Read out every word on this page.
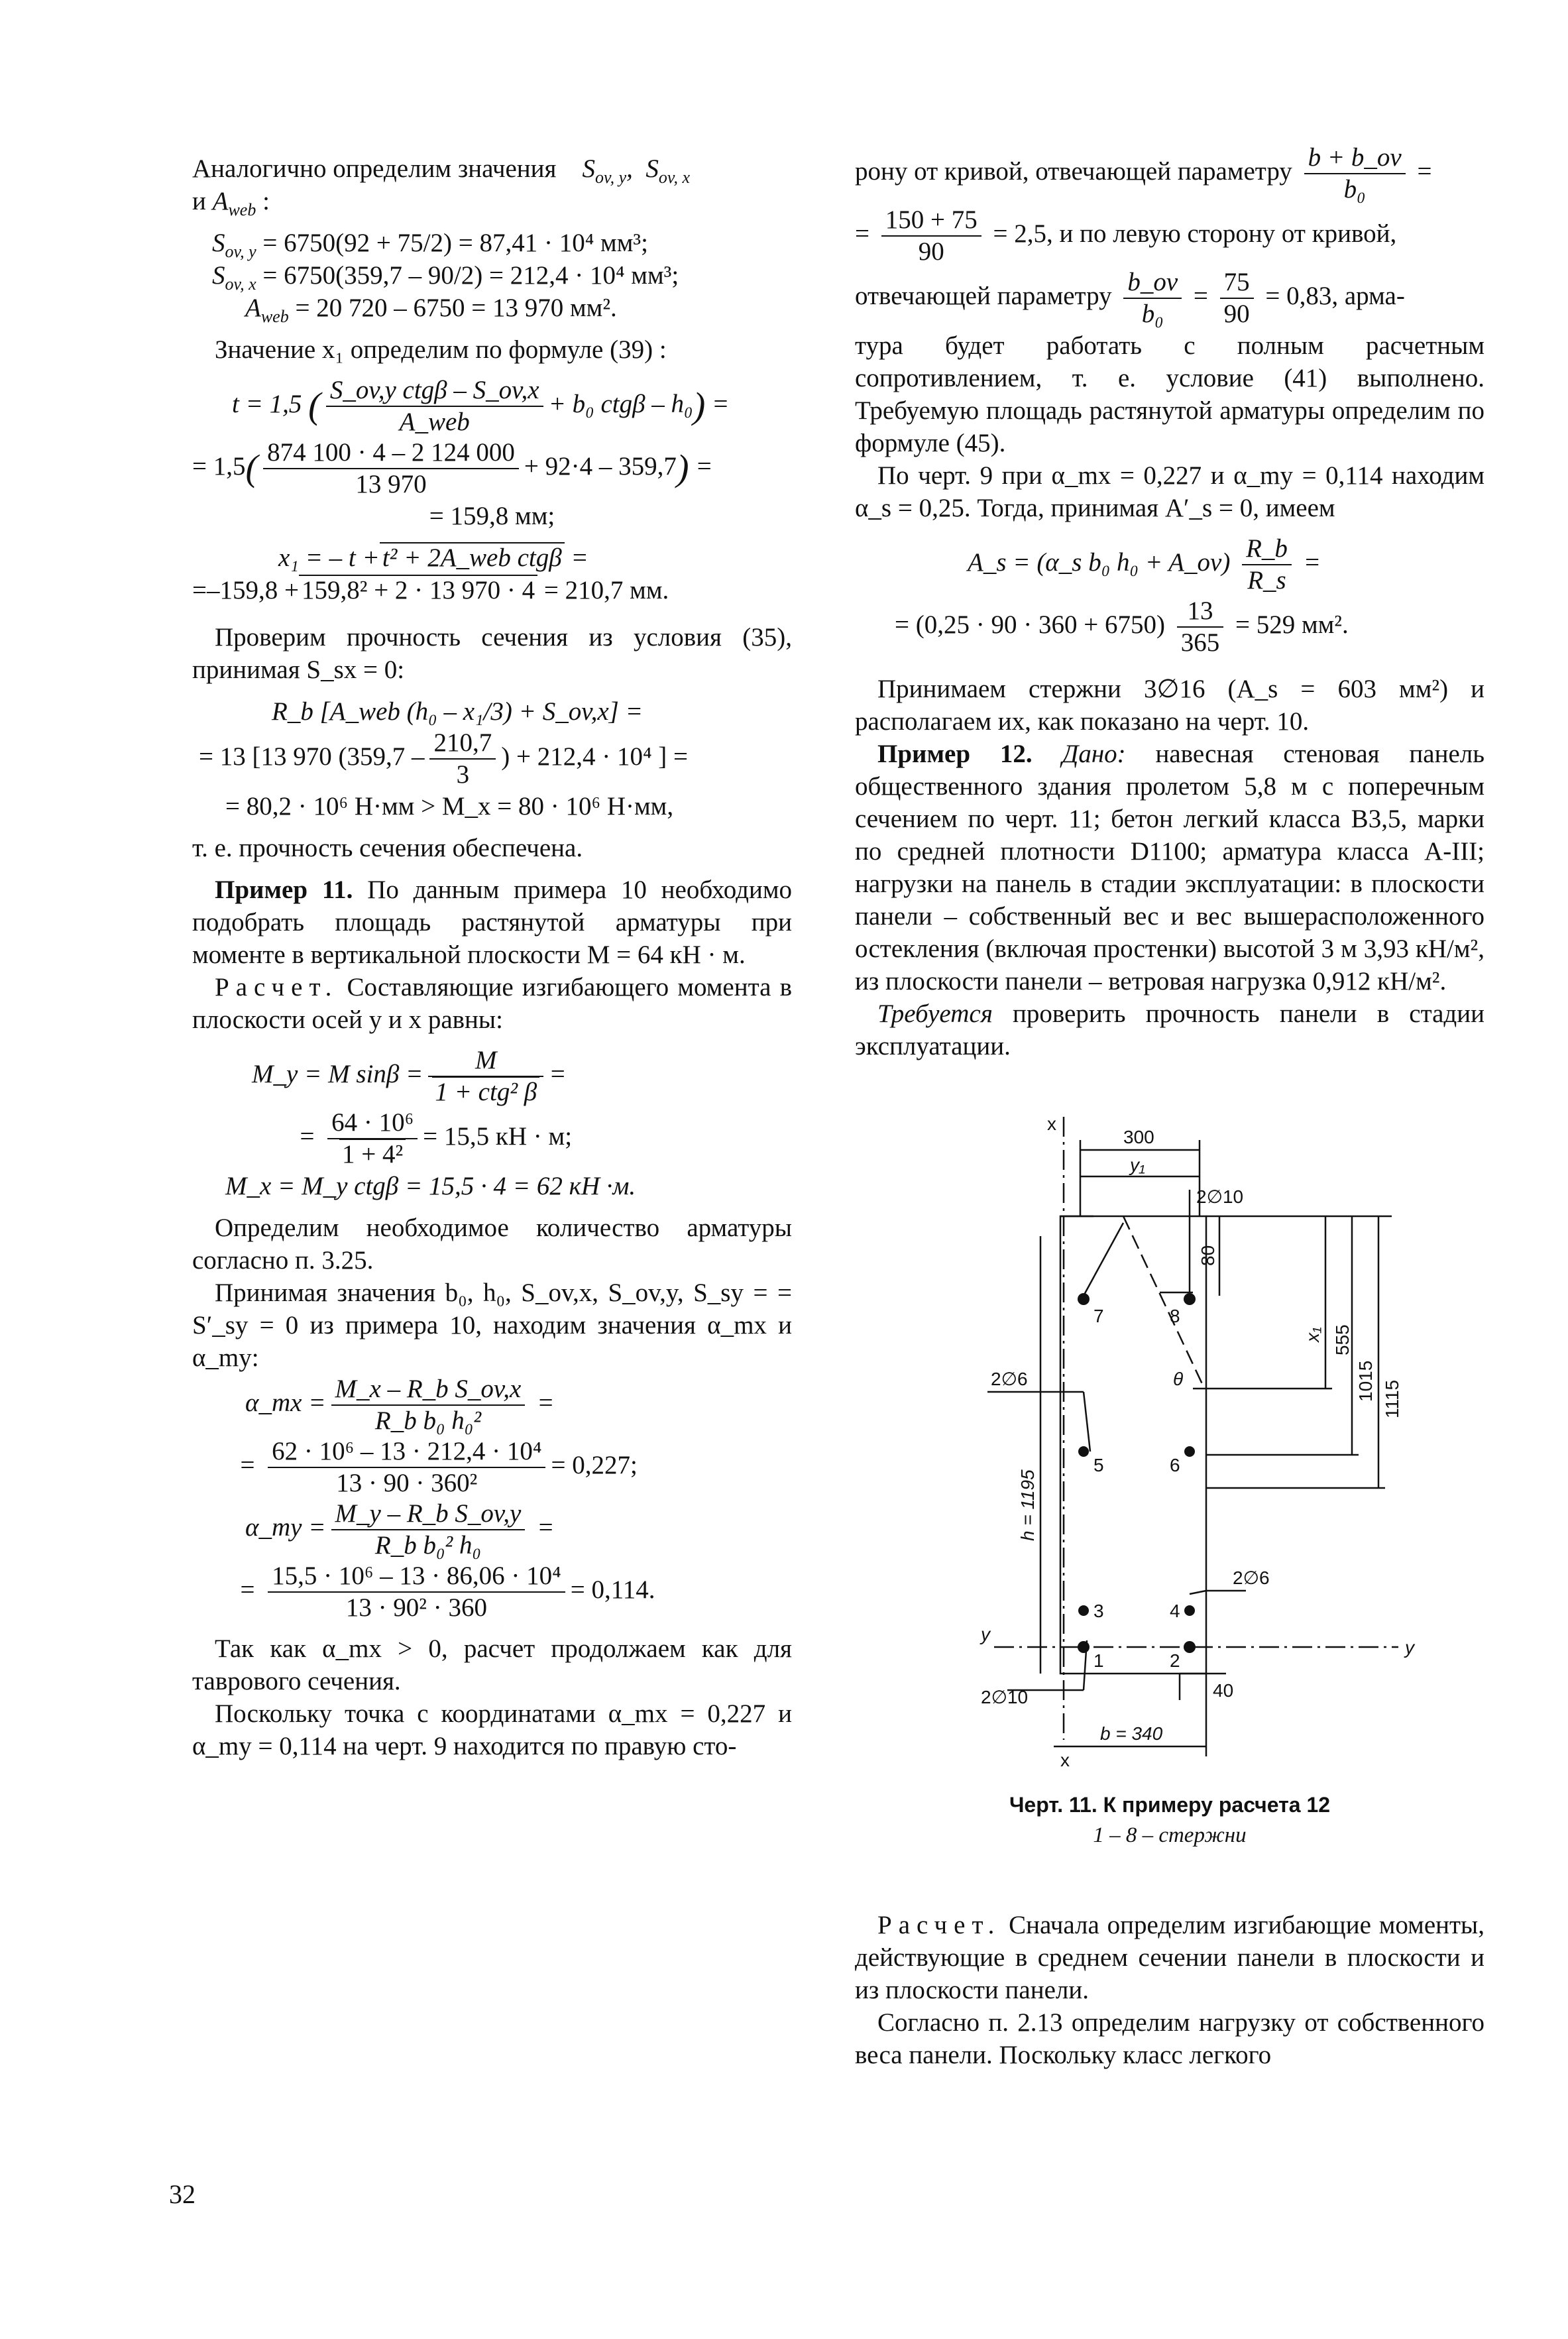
Аналогично определим значения $S_{ov, y}$,  $S_{ov, x}$
и $A_{web}$ :

$S_{ov, y} = 6750(92 + 75/2) = 87,41 \cdot 10^4$ мм³;
$S_{ov, x} = 6750(359,7 - 90/2) = 212,4 \cdot 10^4$ мм³;
$A_{web} = 20$ 720 – 6750 = 13 970 мм².

Значение x₁ определим по формуле (39) :

t = 1,5 ( $\frac{\text{S\_ov,y ctgβ – S\_ov,x}}{\text{A\_web}} + b_0$ ctgβ – h₀) =
= $1,5( \frac{874 100 \cdot 4 - 2 124 000}{13 970} + 92\cdot 4 - 359,7)$ =
= 159,8 мм;
x₁ = – t + t² + 2A_web ctgβ =
=–159,8 + 159,8² + 2 · 13 970 · 4 = 210,7 мм.

Проверим прочность сечения из условия (35), принимая S_sx = 0:

R_b [A_web (h₀ – x₁/3) + S_ov,x] =
= 13 [13 970 ($359,7 - \frac{210,7}{3}$ ) + 212,4 · 10⁴ ] =
= 80,2 · 10⁶ Н·мм > M_x = 80 · 10⁶ Н·мм,

т. е. прочность сечения обеспечена.

Пример 11. По данным примера 10 необходимо подобрать площадь растянутой арматуры при моменте в вертикальной плоскости M = 64 кН · м.

Расчет. Составляющие изгибающего момента в плоскости осей y и x равны:

M_y = M $\sin\beta = \frac{M}{\text{1 + ctg² β}}$ =
= $\frac{\text{64 · 10⁶}}{\text{1 + 4²}} = 15,5$ кН · м;
M_x = M_y ctgβ = 15,5 · 4 = 62 кН ·м.

Определим необходимое количество арматуры согласно п. 3.25.

Принимая значения b₀, h₀, S_ov,x, S_ov,y, S_sy = = S′_sy = 0 из примера 10, находим значения α_mx и α_my:

α_mx = $\frac{\text{M\_x – R\_b S\_ov,x}}{\text{R\_b b₀ h₀²}}$ =
= $\frac{\text{62 · 10⁶ – 13 · 212,4 · 10⁴}}{\text{13 · 90 · 360²}} = 0,227$;
α_my = $\frac{\text{M\_y – R\_b S\_ov,y}}{\text{R\_b b₀² h₀}}$ =
= $\frac{\text{15,5 · 10⁶ – 13 · 86,06 · 10⁴}}{\text{13 · 90² · 360}} = 0,114$.

Так как α_mx > 0, расчет продолжаем как для таврового сечения.

Поскольку точка с координатами α_mx = 0,227 и α_my = 0,114 на черт. 9 находится по правую сто-

рону от кривой, отвечающей параметру $\frac{b + b\_ov}{\text{b₀}}$ =

= $\frac{150 + 75}{90} = 2,5$, и по левую сторону от кривой,

отвечающей параметру $\frac{b\_ov}{\text{b₀}} = \frac{75}{90} = 0,83$, арма-

тура будет работать с полным расчетным сопротивлением, т. е. условие (41) выполнено. Требуемую площадь растянутой арматуры определим по формуле (45).

По черт. 9 при α_mx = 0,227 и α_my = 0,114 находим α_s = 0,25. Тогда, принимая A′_s = 0, имеем

A_s = (α_s b₀ h₀ + A_ov) $\frac{R\_b}{R\_s}$ =
= $(0,25 \cdot 90 \cdot 360 + 6750) \frac{13}{365} = 529$ мм².

Принимаем стержни 3∅16 (A_s = 603 мм²) и располагаем их, как показано на черт. 10.

Пример 12. Дано: навесная стеновая панель общественного здания пролетом 5,8 м с поперечным сечением по черт. 11; бетон легкий класса В3,5, марки по средней плотности D1100; арматура класса А-III; нагрузки на панель в стадии эксплуатации: в плоскости панели – собственный вес и вес вышерасположенного остекления (включая простенки) высотой 3 м 3,93 кН/м², из плоскости панели – ветровая нагрузка 0,912 кН/м².

Требуется проверить прочность панели в стадии эксплуатации.

x
300
y₁
2∅10
80
555
x₁
1015 1115
θ
2∅6
h = 1195
2∅6
2∅10	40
b = 340
x
y
y
7	8
5	6
3	4
1	2
Черт. 11. К примеру расчета 12
1 – 8 – стержни

Расчет. Сначала определим изгибающие моменты, действующие в среднем сечении панели в плоскости и из плоскости панели.

Согласно п. 2.13 определим нагрузку от собственного веса панели. Поскольку класс легкого

32
